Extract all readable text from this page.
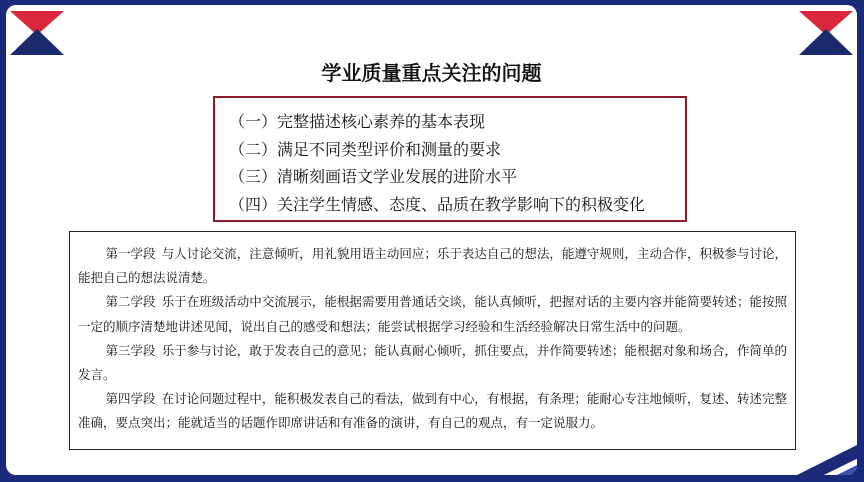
学业质量重点关注的问题
（一）完整描述核心素养的基本表现
（二）满足不同类型评价和测量的要求
（三）清晰刻画语文学业发展的进阶水平
（四）关注学生情感、态度、品质在教学影响下的积极变化

第一学段 与人讨论交流，注意倾听，用礼貌用语主动回应；乐于表达自己的想法，能遵守规则，主动合作，积极参与讨论，能把自己的想法说清楚。

第二学段 乐于在班级活动中交流展示，能根据需要用普通话交谈，能认真倾听，把握对话的主要内容并能简要转述；能按照一定的顺序清楚地讲述见闻，说出自己的感受和想法；能尝试根据学习经验和生活经验解决日常生活中的问题。

第三学段 乐于参与讨论，敢于发表自己的意见；能认真耐心倾听，抓住要点，并作简要转述；能根据对象和场合，作简单的发言。

第四学段 在讨论问题过程中，能积极发表自己的看法，做到有中心，有根据，有条理；能耐心专注地倾听，复述、转述完整准确，要点突出；能就适当的话题作即席讲话和有准备的演讲，有自己的观点，有一定说服力。
